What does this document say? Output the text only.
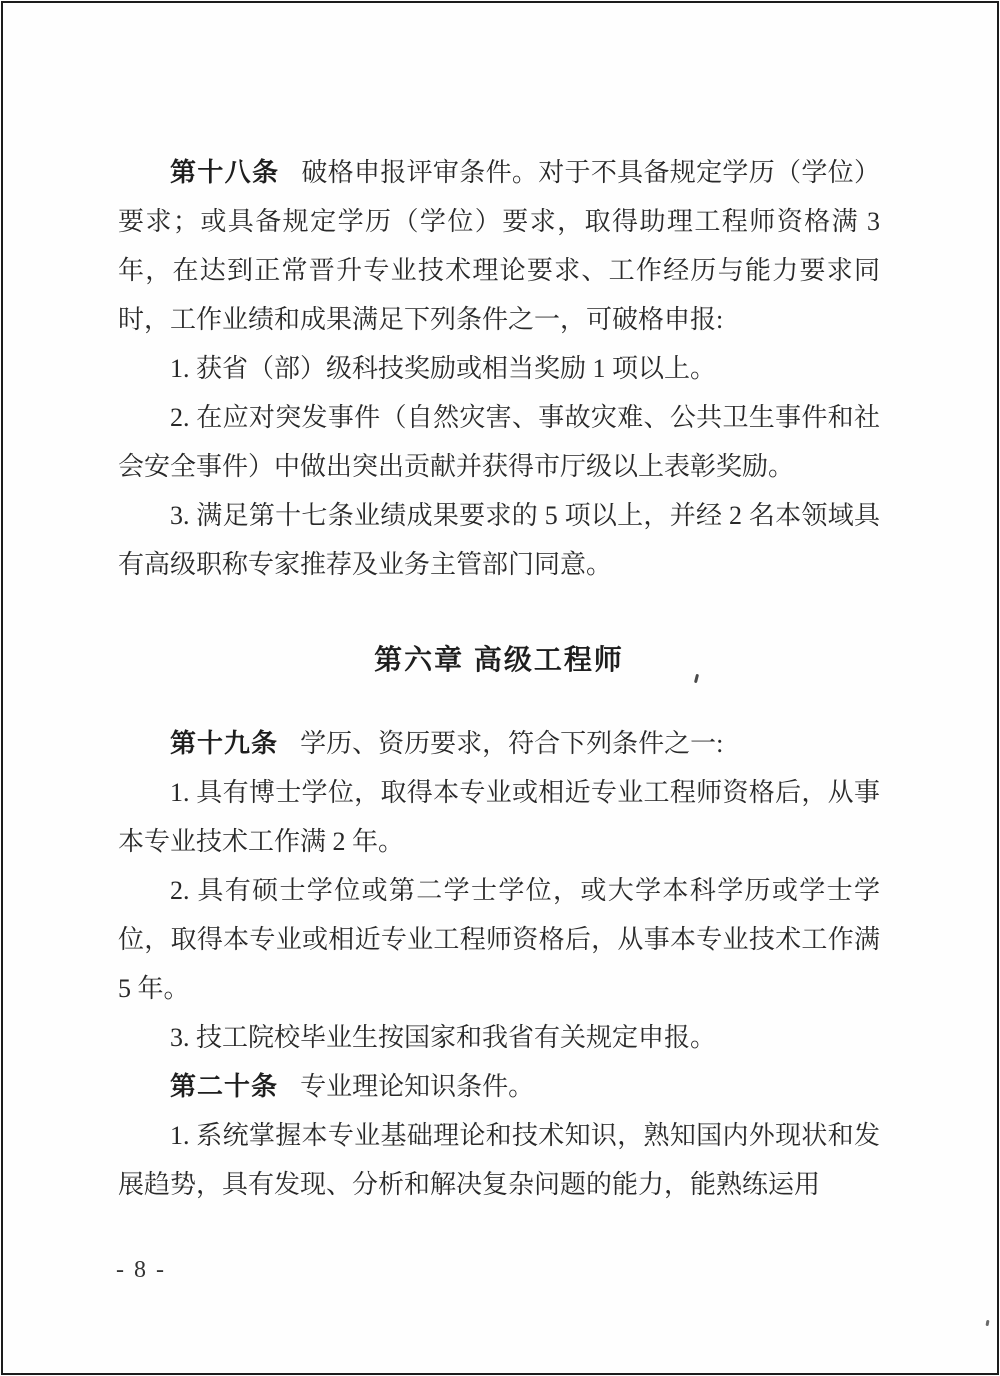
第十八条 破格申报评审条件。对于不具备规定学历（学位）要求；或具备规定学历（学位）要求，取得助理工程师资格满 3 年，在达到正常晋升专业技术理论要求、工作经历与能力要求同时，工作业绩和成果满足下列条件之一，可破格申报:

1. 获省（部）级科技奖励或相当奖励 1 项以上。

2. 在应对突发事件（自然灾害、事故灾难、公共卫生事件和社会安全事件）中做出突出贡献并获得市厅级以上表彰奖励。

3. 满足第十七条业绩成果要求的 5 项以上，并经 2 名本领域具有高级职称专家推荐及业务主管部门同意。

第六章 高级工程师

第十九条 学历、资历要求，符合下列条件之一:

1. 具有博士学位，取得本专业或相近专业工程师资格后，从事本专业技术工作满 2 年。

2. 具有硕士学位或第二学士学位，或大学本科学历或学士学位，取得本专业或相近专业工程师资格后，从事本专业技术工作满 5 年。

3. 技工院校毕业生按国家和我省有关规定申报。

第二十条 专业理论知识条件。

1. 系统掌握本专业基础理论和技术知识，熟知国内外现状和发展趋势，具有发现、分析和解决复杂问题的能力，能熟练运用

- 8 -
